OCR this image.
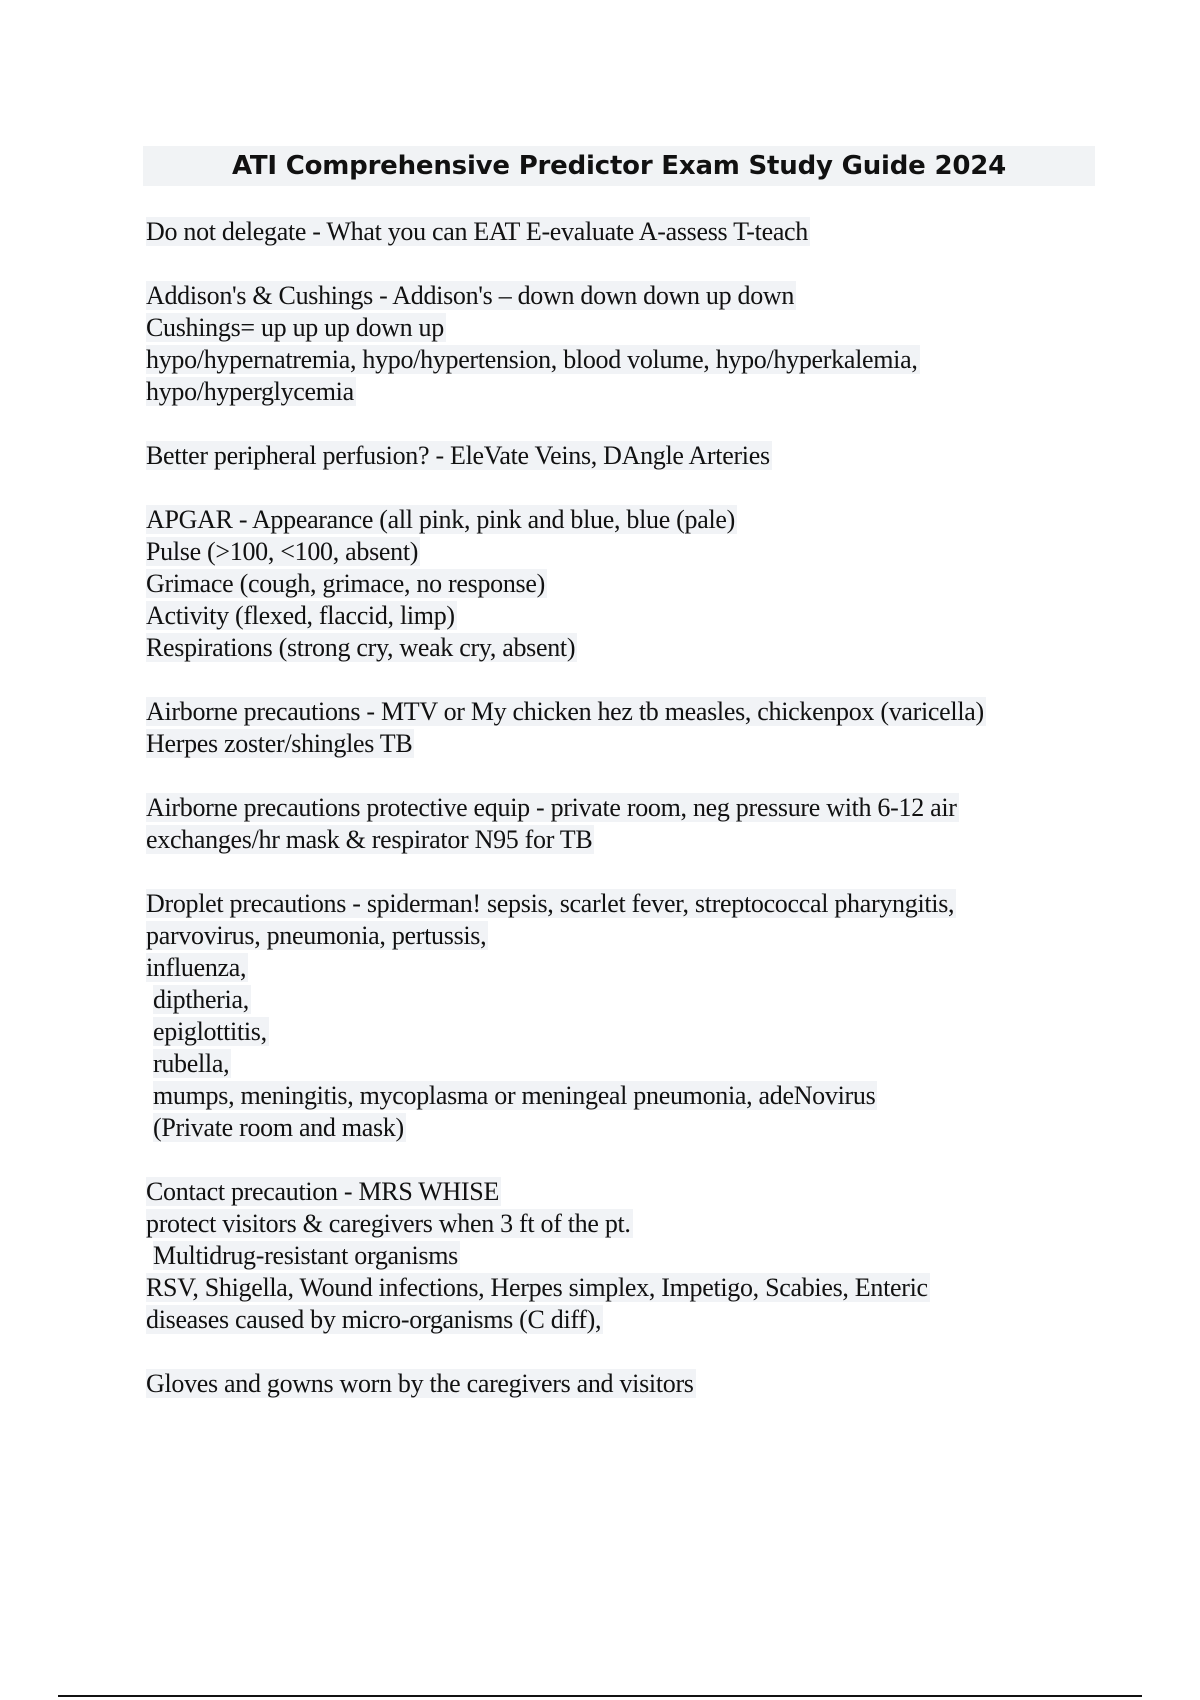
ATI Comprehensive Predictor Exam Study Guide 2024
Do not delegate - What you can EAT E-evaluate A-assess T-teach
Addison's & Cushings - Addison's – down down down up down
Cushings= up up up down up
hypo/hypernatremia, hypo/hypertension, blood volume, hypo/hyperkalemia,
hypo/hyperglycemia
Better peripheral perfusion? - EleVate Veins, DAngle Arteries
APGAR - Appearance (all pink, pink and blue, blue (pale)
Pulse (>100, <100, absent)
Grimace (cough, grimace, no response)
Activity (flexed, flaccid, limp)
Respirations (strong cry, weak cry, absent)
Airborne precautions - MTV or My chicken hez tb measles, chickenpox (varicella)
Herpes zoster/shingles TB
Airborne precautions protective equip - private room, neg pressure with 6-12 air
exchanges/hr mask & respirator N95 for TB
Droplet precautions - spiderman! sepsis, scarlet fever, streptococcal pharyngitis,
parvovirus, pneumonia, pertussis,
influenza,
diptheria,
epiglottitis,
rubella,
mumps, meningitis, mycoplasma or meningeal pneumonia, adeNovirus
(Private room and mask)
Contact precaution - MRS WHISE
protect visitors & caregivers when 3 ft of the pt.
Multidrug-resistant organisms
RSV, Shigella, Wound infections, Herpes simplex, Impetigo, Scabies, Enteric
diseases caused by micro-organisms (C diff),
Gloves and gowns worn by the caregivers and visitors
